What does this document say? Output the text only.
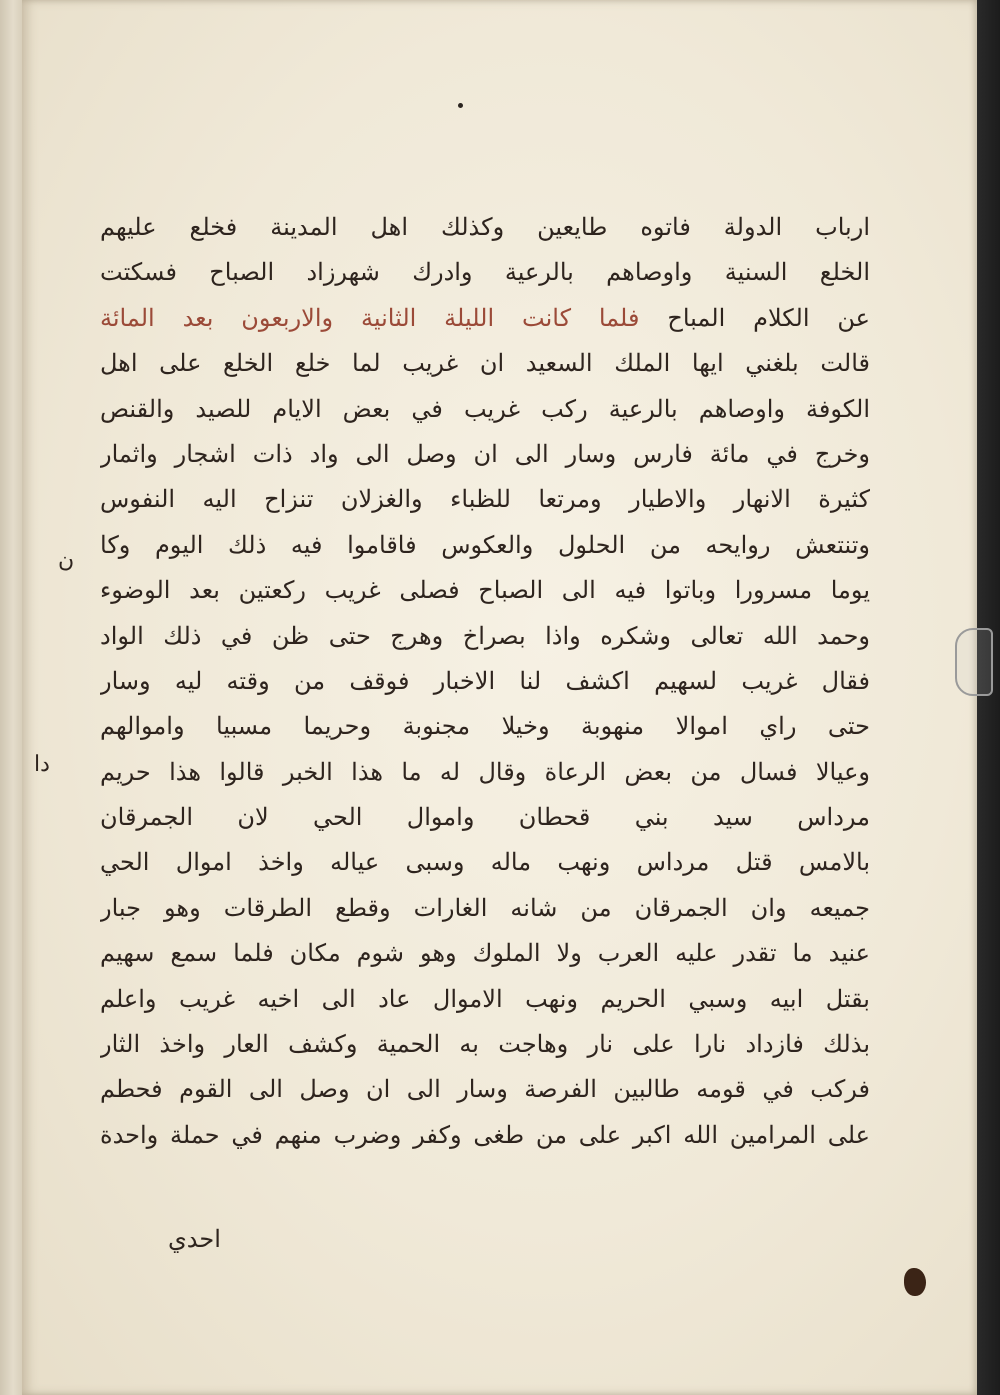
ارباب الدولة فاتوه طايعين وكذلك اهل المدينة فخلع عليهم
الخلع السنية واوصاهم بالرعية وادرك شهرزاد الصباح فسكتت
عن الكلام المباح فلما كانت الليلة الثانية والاربعون بعد المائة
قالت بلغني ايها الملك السعيد ان غريب لما خلع الخلع على اهل
الكوفة واوصاهم بالرعية ركب غريب في بعض الايام للصيد والقنص
وخرج في مائة فارس وسار الى ان وصل الى واد ذات اشجار واثمار
كثيرة الانهار والاطيار ومرتعا للظباء والغزلان تنزاح اليه النفوس
وتنتعش روايحه من الحلول والعكوس فاقاموا فيه ذلك اليوم وكا
يوما مسرورا وباتوا فيه الى الصباح فصلى غريب ركعتين بعد الوضوء
وحمد الله تعالى وشكره واذا بصراخ وهرج حتى ظن في ذلك الواد
فقال غريب لسهيم اكشف لنا الاخبار فوقف من وقته ليه وسار
حتى راي اموالا منهوبة وخيلا مجنوبة وحريما مسبيا واموالهم
وعيالا فسال من بعض الرعاة وقال له ما هذا الخبر قالوا هذا حريم
مرداس سيد بني قحطان واموال الحي لان الجمرقان
بالامس قتل مرداس ونهب ماله وسبى عياله واخذ اموال الحي
جميعه وان الجمرقان من شانه الغارات وقطع الطرقات وهو جبار
عنيد ما تقدر عليه العرب ولا الملوك وهو شوم مكان فلما سمع سهيم
بقتل ابيه وسبي الحريم ونهب الاموال عاد الى اخيه غريب واعلم
بذلك فازداد نارا على نار وهاجت به الحمية وكشف العار واخذ الثار
فركب في قومه طالبين الفرصة وسار الى ان وصل الى القوم فحطم
على المرامين الله اكبر على من طغى وكفر وضرب منهم في حملة واحدة
ن
دا
احدي
